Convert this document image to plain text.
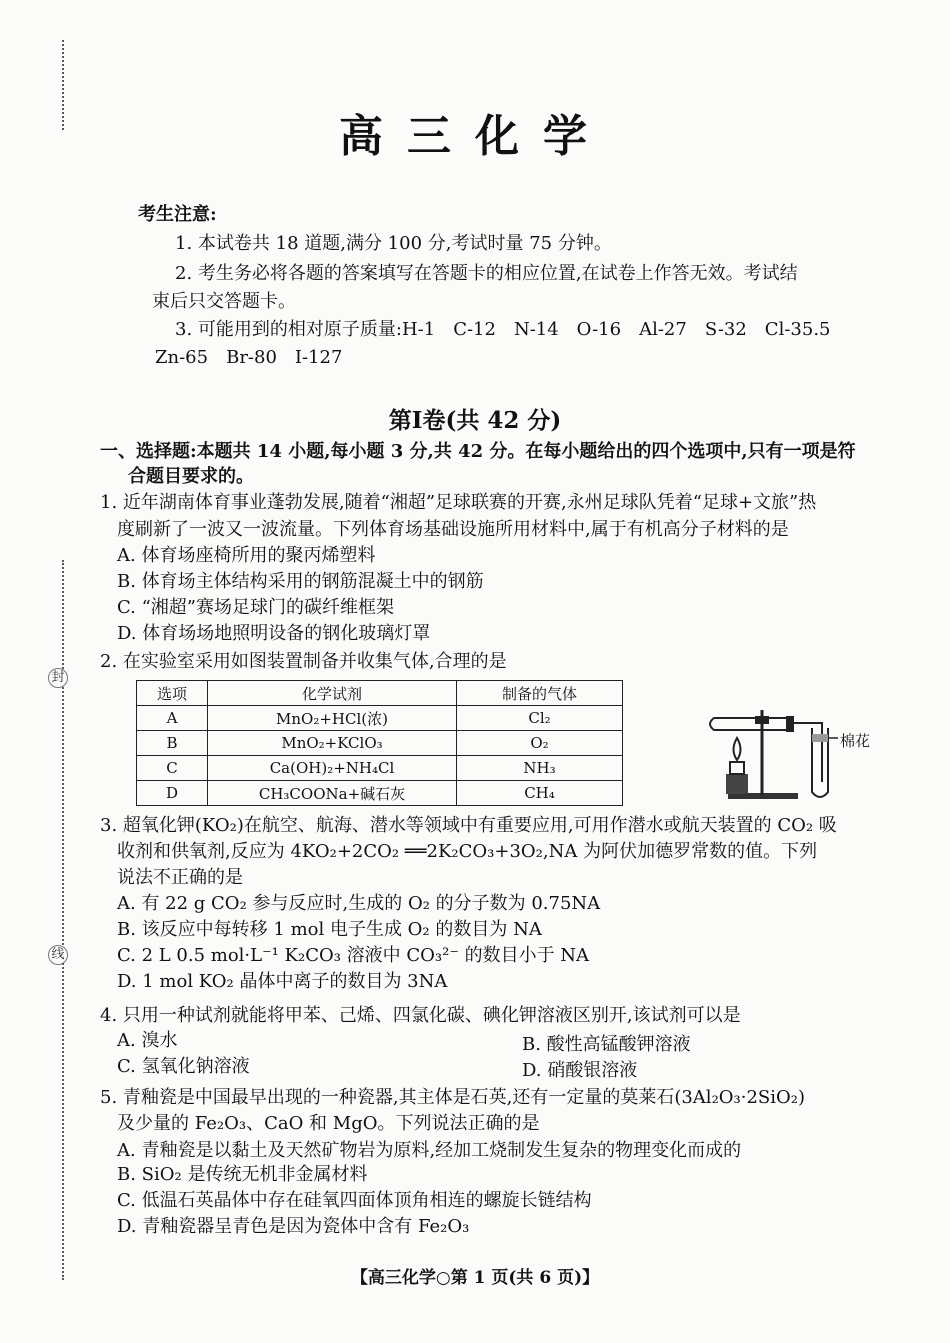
封
线
高三化学
考生注意:
1. 本试卷共 18 道题,满分 100 分,考试时量 75 分钟。
2. 考生务必将各题的答案填写在答题卡的相应位置,在试卷上作答无效。考试结
束后只交答题卡。
3. 可能用到的相对原子质量:H-1　C-12　N-14　O-16　Al-27　S-32　Cl-35.5
Zn-65　Br-80　I-127
第Ⅰ卷(共 42 分)
一、选择题:本题共 14 小题,每小题 3 分,共 42 分。在每小题给出的四个选项中,只有一项是符
合题目要求的。
1. 近年湖南体育事业蓬勃发展,随着“湘超”足球联赛的开赛,永州足球队凭着“足球+文旅”热
度刷新了一波又一波流量。下列体育场基础设施所用材料中,属于有机高分子材料的是
A. 体育场座椅所用的聚丙烯塑料
B. 体育场主体结构采用的钢筋混凝土中的钢筋
C. “湘超”赛场足球门的碳纤维框架
D. 体育场场地照明设备的钢化玻璃灯罩
2. 在实验室采用如图装置制备并收集气体,合理的是
选项	化学试剂	制备的气体
A	MnO₂+HCl(浓)	Cl₂
B	MnO₂+KClO₃	O₂
C	Ca(OH)₂+NH₄Cl	NH₃
D	CH₃COONa+碱石灰	CH₄
棉花
3. 超氧化钾(KO₂)在航空、航海、潜水等领域中有重要应用,可用作潜水或航天装置的 CO₂ 吸
收剂和供氧剂,反应为 4KO₂+2CO₂ ══2K₂CO₃+3O₂,NA 为阿伏加德罗常数的值。下列
说法不正确的是
A. 有 22 g CO₂ 参与反应时,生成的 O₂ 的分子数为 0.75NA
B. 该反应中每转移 1 mol 电子生成 O₂ 的数目为 NA
C. 2 L 0.5 mol·L⁻¹ K₂CO₃ 溶液中 CO₃²⁻ 的数目小于 NA
D. 1 mol KO₂ 晶体中离子的数目为 3NA
4. 只用一种试剂就能将甲苯、己烯、四氯化碳、碘化钾溶液区别开,该试剂可以是
A. 溴水	B. 酸性高锰酸钾溶液
C. 氢氧化钠溶液	D. 硝酸银溶液
5. 青釉瓷是中国最早出现的一种瓷器,其主体是石英,还有一定量的莫莱石(3Al₂O₃·2SiO₂)
及少量的 Fe₂O₃、CaO 和 MgO。下列说法正确的是
A. 青釉瓷是以黏土及天然矿物岩为原料,经加工烧制发生复杂的物理变化而成的
B. SiO₂ 是传统无机非金属材料
C. 低温石英晶体中存在硅氧四面体顶角相连的螺旋长链结构
D. 青釉瓷器呈青色是因为瓷体中含有 Fe₂O₃
【高三化学○第 1 页(共 6 页)】
